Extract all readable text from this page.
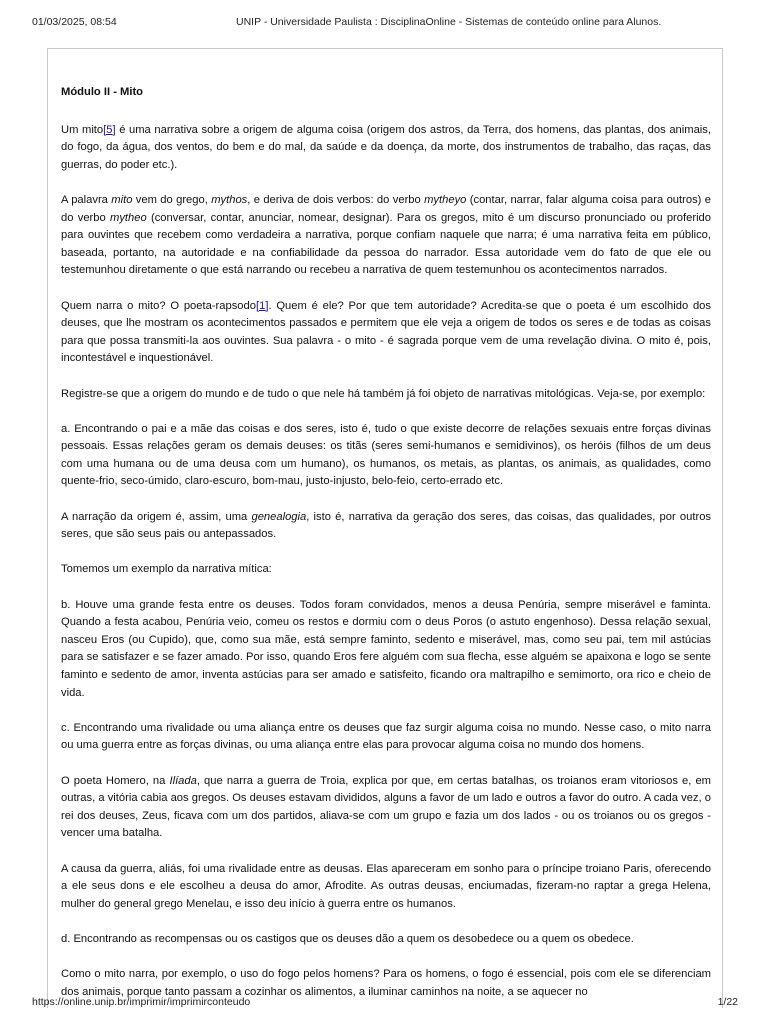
01/03/2025, 08:54	UNIP - Universidade Paulista : DisciplinaOnline - Sistemas de conteúdo online para Alunos.
Módulo II - Mito

Um mito[5] é uma narrativa sobre a origem de alguma coisa (origem dos astros, da Terra, dos homens, das plantas, dos animais, do fogo, da água, dos ventos, do bem e do mal, da saúde e da doença, da morte, dos instrumentos de trabalho, das raças, das guerras, do poder etc.).

A palavra mito vem do grego, mythos, e deriva de dois verbos: do verbo mytheyo (contar, narrar, falar alguma coisa para outros) e do verbo mytheo (conversar, contar, anunciar, nomear, designar). Para os gregos, mito é um discurso pronunciado ou proferido para ouvintes que recebem como verdadeira a narrativa, porque confiam naquele que narra; é uma narrativa feita em público, baseada, portanto, na autoridade e na confiabilidade da pessoa do narrador. Essa autoridade vem do fato de que ele ou testemunhou diretamente o que está narrando ou recebeu a narrativa de quem testemunhou os acontecimentos narrados.

Quem narra o mito? O poeta-rapsodo[1]. Quem é ele? Por que tem autoridade? Acredita-se que o poeta é um escolhido dos deuses, que lhe mostram os acontecimentos passados e permitem que ele veja a origem de todos os seres e de todas as coisas para que possa transmiti-la aos ouvintes. Sua palavra - o mito - é sagrada porque vem de uma revelação divina. O mito é, pois, incontestável e inquestionável.

Registre-se que a origem do mundo e de tudo o que nele há também já foi objeto de narrativas mitológicas. Veja-se, por exemplo:

a. Encontrando o pai e a mãe das coisas e dos seres, isto é, tudo o que existe decorre de relações sexuais entre forças divinas pessoais. Essas relações geram os demais deuses: os titãs (seres semi-humanos e semidivinos), os heróis (filhos de um deus com uma humana ou de uma deusa com um humano), os humanos, os metais, as plantas, os animais, as qualidades, como quente-frio, seco-úmido, claro-escuro, bom-mau, justo-injusto, belo-feio, certo-errado etc.

A narração da origem é, assim, uma genealogia, isto é, narrativa da geração dos seres, das coisas, das qualidades, por outros seres, que são seus pais ou antepassados.

Tomemos um exemplo da narrativa mítica:

b. Houve uma grande festa entre os deuses. Todos foram convidados, menos a deusa Penúria, sempre miserável e faminta. Quando a festa acabou, Penúria veio, comeu os restos e dormiu com o deus Poros (o astuto engenhoso). Dessa relação sexual, nasceu Eros (ou Cupido), que, como sua mãe, está sempre faminto, sedento e miserável, mas, como seu pai, tem mil astúcias para se satisfazer e se fazer amado. Por isso, quando Eros fere alguém com sua flecha, esse alguém se apaixona e logo se sente faminto e sedento de amor, inventa astúcias para ser amado e satisfeito, ficando ora maltrapilho e semimorto, ora rico e cheio de vida.

c. Encontrando uma rivalidade ou uma aliança entre os deuses que faz surgir alguma coisa no mundo. Nesse caso, o mito narra ou uma guerra entre as forças divinas, ou uma aliança entre elas para provocar alguma coisa no mundo dos homens.

O poeta Homero, na Ilíada, que narra a guerra de Troia, explica por que, em certas batalhas, os troianos eram vitoriosos e, em outras, a vitória cabia aos gregos. Os deuses estavam divididos, alguns a favor de um lado e outros a favor do outro. A cada vez, o rei dos deuses, Zeus, ficava com um dos partidos, aliava-se com um grupo e fazia um dos lados - ou os troianos ou os gregos - vencer uma batalha.

A causa da guerra, aliás, foi uma rivalidade entre as deusas. Elas apareceram em sonho para o príncipe troiano Paris, oferecendo a ele seus dons e ele escolheu a deusa do amor, Afrodite. As outras deusas, enciumadas, fizeram-no raptar a grega Helena, mulher do general grego Menelau, e isso deu início à guerra entre os humanos.

d. Encontrando as recompensas ou os castigos que os deuses dão a quem os desobedece ou a quem os obedece.

Como o mito narra, por exemplo, o uso do fogo pelos homens? Para os homens, o fogo é essencial, pois com ele se diferenciam dos animais, porque tanto passam a cozinhar os alimentos, a iluminar caminhos na noite, a se aquecer no

https://online.unip.br/imprimir/imprimirconteudo	1/22
